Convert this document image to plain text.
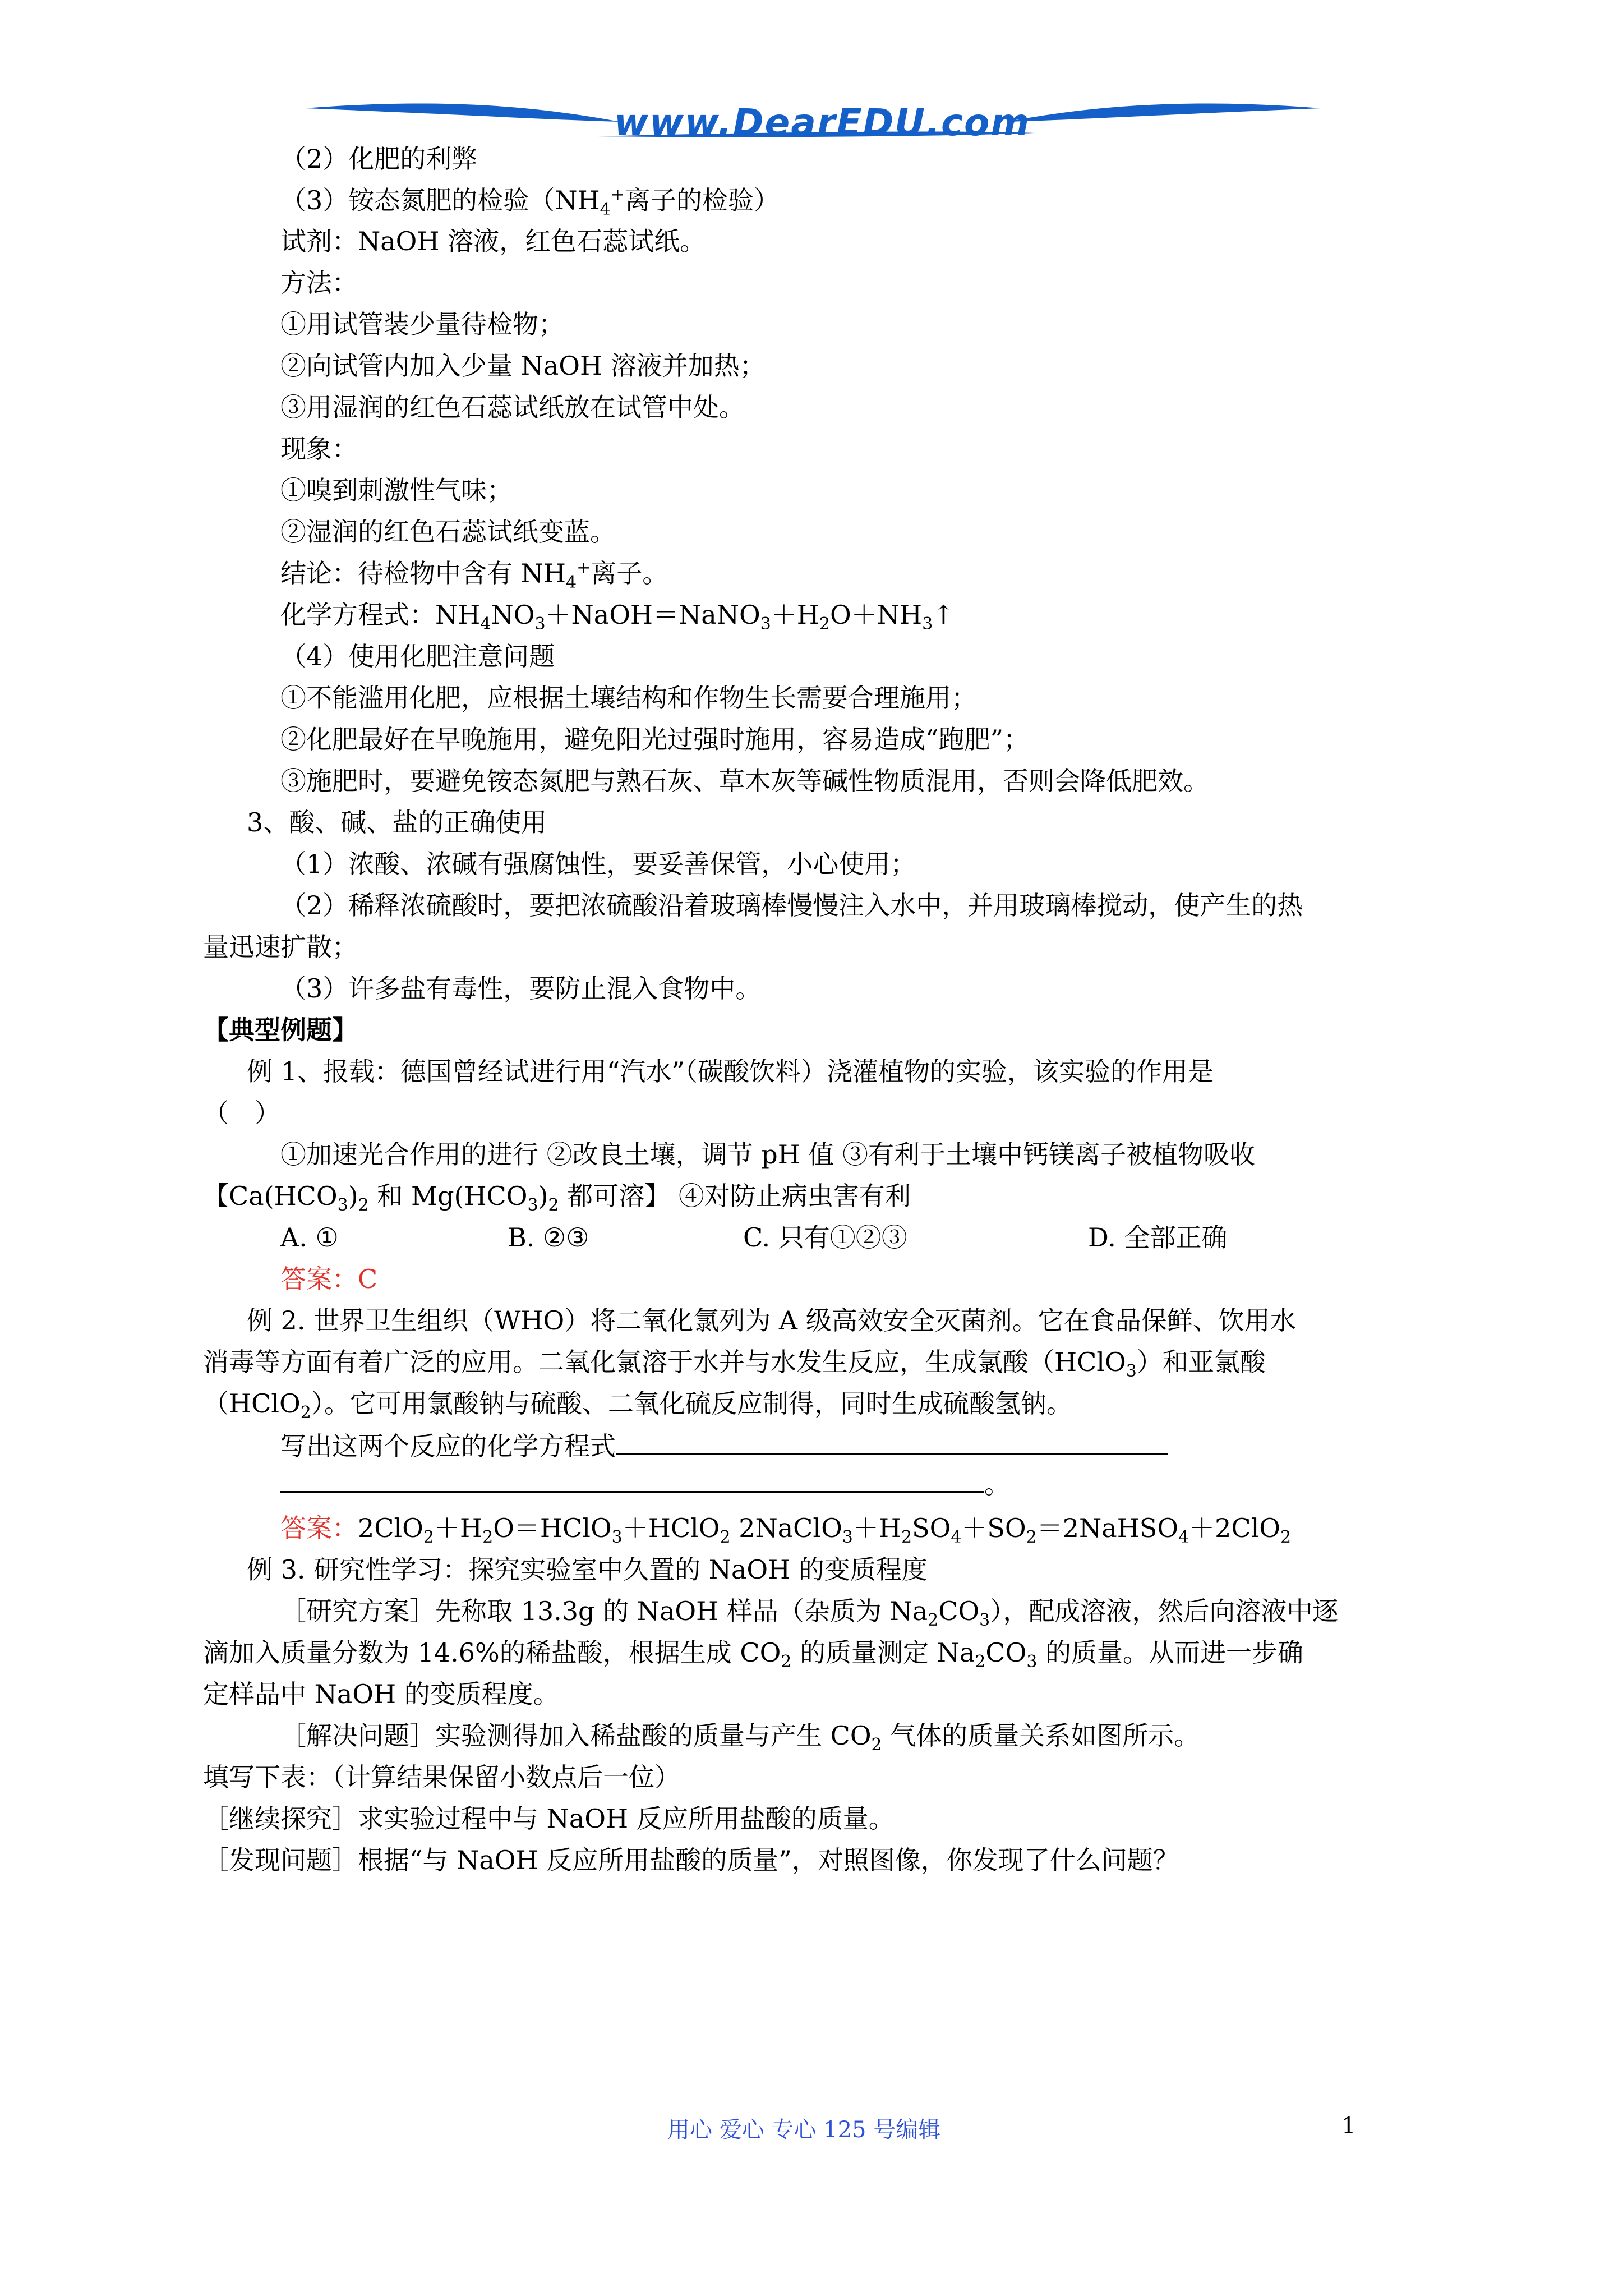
www.DearEDU.com
（2）化肥的利弊
（3）铵态氮肥的检验（$NH_4^+$离子的检验）
试剂：NaOH 溶液，红色石蕊试纸。
方法：
①用试管装少量待检物；
②向试管内加入少量 NaOH 溶液并加热；
③用湿润的红色石蕊试纸放在试管中处。
现象：
①嗅到刺激性气味；
②湿润的红色石蕊试纸变蓝。
结论：待检物中含有 $NH_4^+$离子。
化学方程式：$NH_4NO_3+NaOH=NaNO_3+H_2O+NH_3↑$
（4）使用化肥注意问题
①不能滥用化肥，应根据土壤结构和作物生长需要合理施用；
②化肥最好在早晚施用，避免阳光过强时施用，容易造成“跑肥”；
③施肥时，要避免铵态氮肥与熟石灰、草木灰等碱性物质混用，否则会降低肥效。
3、酸、碱、盐的正确使用
（1）浓酸、浓碱有强腐蚀性，要妥善保管，小心使用；
（2）稀释浓硫酸时，要把浓硫酸沿着玻璃棒慢慢注入水中，并用玻璃棒搅动，使产生的热
量迅速扩散；
（3）许多盐有毒性，要防止混入食物中。
【典型例题】
例 1、报载：德国曾经试进行用“汽水”（碳酸饮料）浇灌植物的实验，该实验的作用是
（　）
①加速光合作用的进行 ②改良土壤，调节 pH 值 ③有利于土壤中钙镁离子被植物吸收
【$Ca(HCO_3)_2$ 和 $Mg(HCO_3)_2$ 都可溶】 ④对防止病虫害有利
A. ①	B. ②③	C. 只有①②③	D. 全部正确
答案：C
例 2. 世界卫生组织（WHO）将二氧化氯列为 A 级高效安全灭菌剂。它在食品保鲜、饮用水
消毒等方面有着广泛的应用。二氧化氯溶于水并与水发生反应，生成氯酸（HClO$_3$）和亚氯酸
（HClO$_2$）。它可用氯酸钠与硫酸、二氧化硫反应制得，同时生成硫酸氢钠。
写出这两个反应的化学方程式
。
答案：$2ClO_2+H_2O=HClO_3+HClO_2$ $2NaClO_3+H_2SO_4+SO_2=2NaHSO_4+2ClO_2$
例 3. 研究性学习：探究实验室中久置的 NaOH 的变质程度
［研究方案］先称取 13.3g 的 NaOH 样品（杂质为 $Na_2CO_3$），配成溶液，然后向溶液中逐
滴加入质量分数为 14.6%的稀盐酸，根据生成 $CO_2$ 的质量测定 $Na_2CO_3$ 的质量。从而进一步确
定样品中 NaOH 的变质程度。
［解决问题］实验测得加入稀盐酸的质量与产生 $CO_2$ 气体的质量关系如图所示。
填写下表：（计算结果保留小数点后一位）
［继续探究］求实验过程中与 NaOH 反应所用盐酸的质量。
［发现问题］根据“与 NaOH 反应所用盐酸的质量”，对照图像，你发现了什么问题？
用心 爱心 专心 125 号编辑	1
